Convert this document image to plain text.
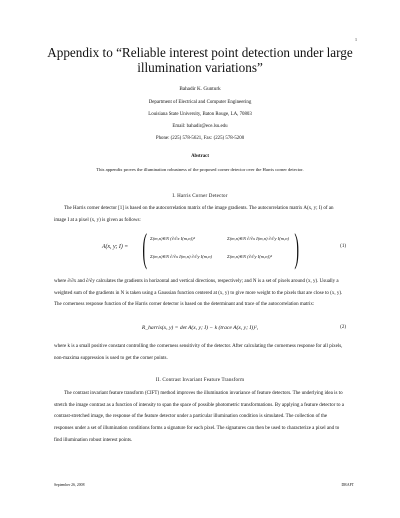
1
Appendix to “Reliable interest point detection under large illumination variations”
Bahadir K. Gunturk
Department of Electrical and Computer Engineering
Louisiana State University, Baton Rouge, LA, 70803
Email: bahadir@ece.lsu.edu
Phone: (225) 578-5621, Fax: (225) 578-5200
Abstract
This appendix proves the illumination robustness of the proposed corner detector over the Harris corner detector.
I. Harris Corner Detector
The Harris corner detector [1] is based on the autocorrelation matrix of the image gradients. The autocorrelation matrix A(x, y; I) of an image I at a pixel (x, y) is given as follows:
A(x, y; I) = ( Σ(m,n)∈N (∂/∂x I(m,n))²	Σ(m,n)∈N ∂/∂x I(m,n) ∂/∂y I(m,n)
Σ(m,n)∈N ∂/∂x I(m,n) ∂/∂y I(m,n)	Σ(m,n)∈N (∂/∂y I(m,n))² )	(1)
where ∂/∂x and ∂/∂y calculates the gradients in horizontal and vertical directions, respectively; and N is a set of pixels around (x, y). Usually a weighted sum of the gradients in N is taken using a Gaussian function centered at (x, y) to give more weight to the pixels that are close to (x, y). The cornerness response function of the Harris corner detector is based on the determinant and trace of the autocorrelation matrix:
R_harris(x, y) = det A(x, y; I) − k (trace A(x, y; I))²,	(2)
where k is a small positive constant controlling the cornerness sensitivity of the detector. After calculating the cornerness response for all pixels, non-maxima suppression is used to get the corner points.
II. Contrast Invariant Feature Transform
The contrast invariant feature transform (CIFT) method improves the illumination invariance of feature detectors. The underlying idea is to stretch the image contrast as a function of intensity to span the space of possible photometric transformations. By applying a feature detector to a contrast-stretched image, the response of the feature detector under a particular illumination condition is simulated. The collection of the responses under a set of illumination conditions forms a signature for each pixel. The signatures can then be used to characterize a pixel and to find illumination robust interest points.
September 26, 2008	DRAFT
